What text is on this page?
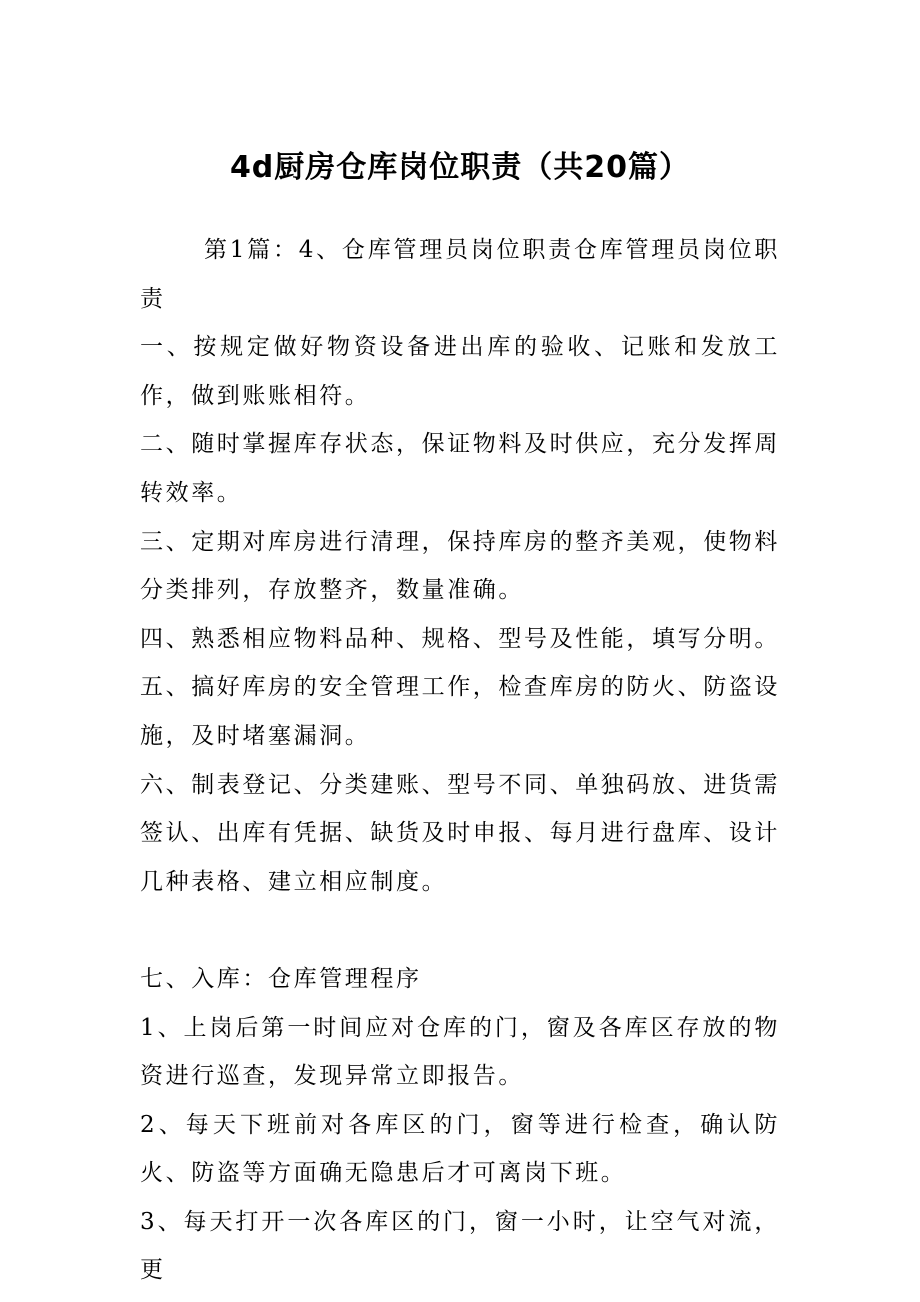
4d厨房仓库岗位职责（共20篇）

第1篇：4、仓库管理员岗位职责仓库管理员岗位职责

一、按规定做好物资设备进出库的验收、记账和发放工作，做到账账相符。

二、随时掌握库存状态，保证物料及时供应，充分发挥周转效率。

三、定期对库房进行清理，保持库房的整齐美观，使物料分类排列，存放整齐，数量准确。

四、熟悉相应物料品种、规格、型号及性能，填写分明。

五、搞好库房的安全管理工作，检查库房的防火、防盗设施，及时堵塞漏洞。

六、制表登记、分类建账、型号不同、单独码放、进货需签认、出库有凭据、缺货及时申报、每月进行盘库、设计几种表格、建立相应制度。

七、入库：仓库管理程序

1、上岗后第一时间应对仓库的门，窗及各库区存放的物资进行巡查，发现异常立即报告。

2、每天下班前对各库区的门，窗等进行检查，确认防火、防盗等方面确无隐患后才可离岗下班。

3、每天打开一次各库区的门，窗一小时，让空气对流，更
